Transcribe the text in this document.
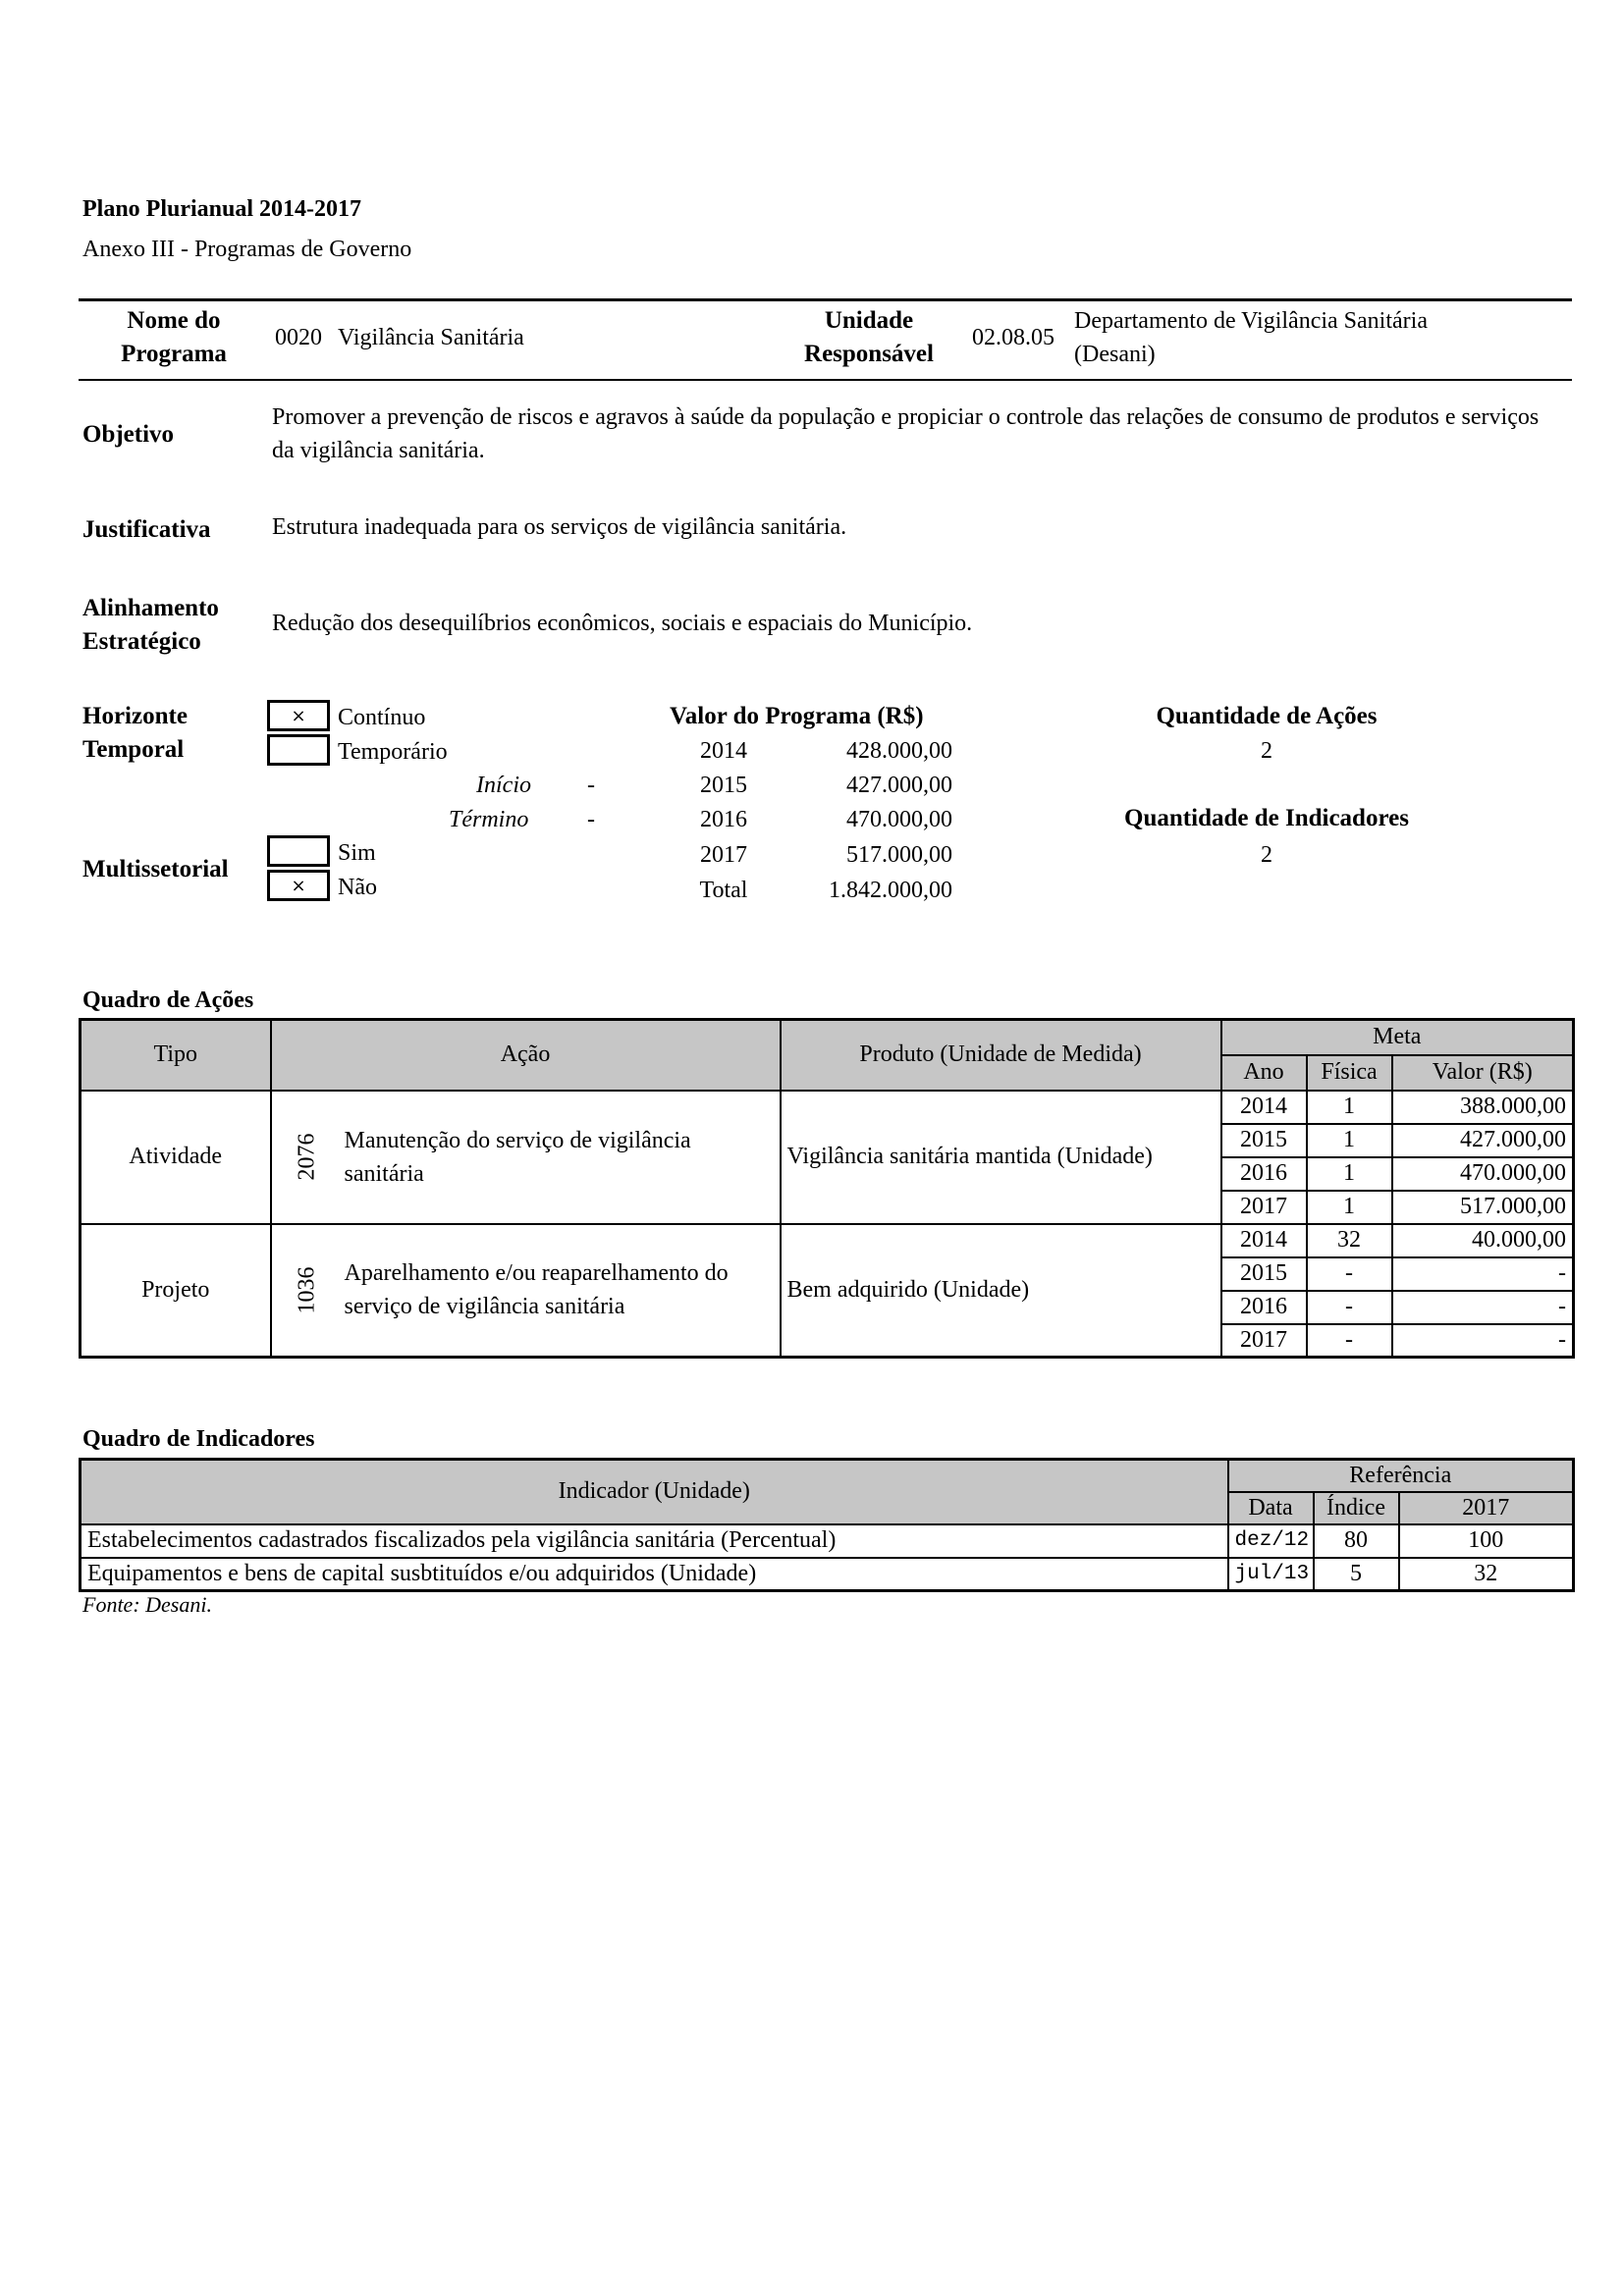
Plano Plurianual 2014-2017
Anexo III - Programas de Governo
Nome do Programa
0020 Vigilância Sanitária
Unidade Responsável
02.08.05
Departamento de Vigilância Sanitária (Desani)
Objetivo
Promover a prevenção de riscos e agravos à saúde da população e propiciar o controle das relações de consumo de produtos e serviços da vigilância sanitária.
Justificativa	Estrutura inadequada para os serviços de vigilância sanitária.
Alinhamento Estratégico
Redução dos desequilíbrios econômicos, sociais e espaciais do Município.
Horizonte Temporal
×	Contínuo
Temporário
Início -
Término -
Multissetorial
Sim
×	Não
Valor do Programa (R$)
2014	428.000,00
2015	427.000,00
2016	470.000,00
2017	517.000,00
Total	1.842.000,00
Quantidade de Ações
2
Quantidade de Indicadores
2
Quadro de Ações
Tipo	Ação		Produto (Unidade de Medida)	Meta		
				Ano	Física	Valor (R$)
Atividade	2076	Manutenção do serviço de vigilância sanitária	Vigilância sanitária mantida (Unidade)	2014	1	388.000,00
				2015	1	427.000,00
				2016	1	470.000,00
				2017	1	517.000,00
Projeto	1036	Aparelhamento e/ou reaparelhamento do serviço de vigilância sanitária	Bem adquirido (Unidade)	2014	32	40.000,00
				2015	-	-
				2016	-	-
				2017	-	-
Quadro de Indicadores
Indicador (Unidade)	Referência		
	Data	Índice	2017
Estabelecimentos cadastrados fiscalizados pela vigilância sanitária (Percentual)	dez/12	80	100
Equipamentos e bens de capital susbtituídos e/ou adquiridos (Unidade)	jul/13	5	32
Fonte: Desani.
